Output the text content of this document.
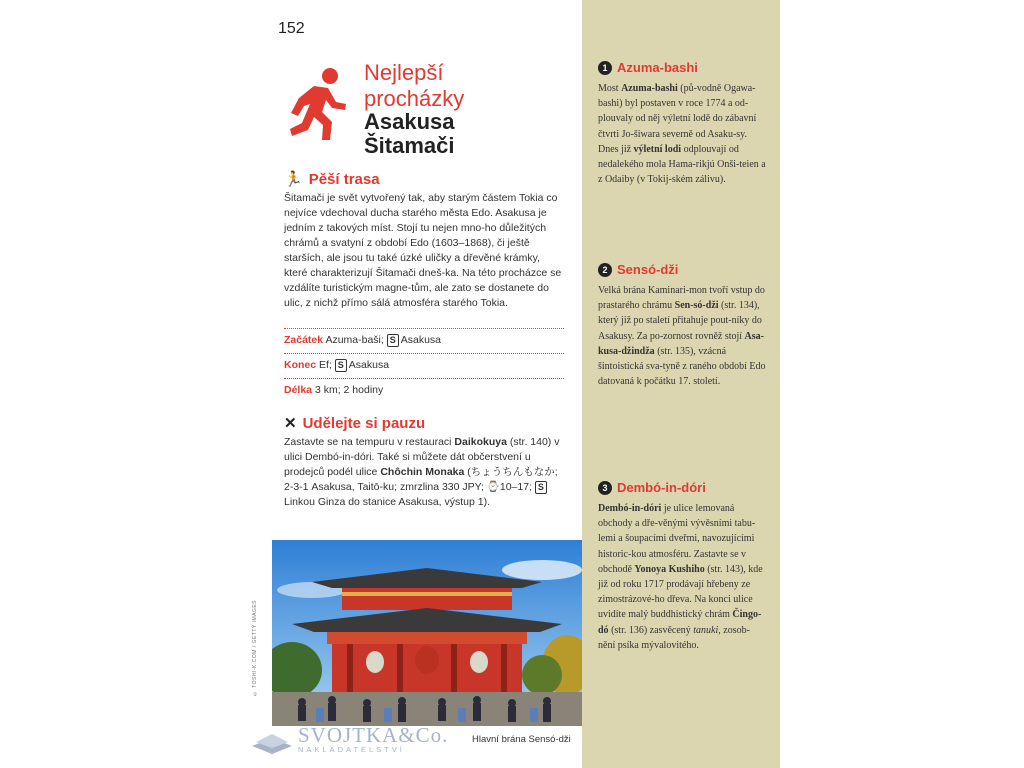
152
Nejlepší
procházky
Asakusa
Šitamači
🏃 Pěší trasa
Šitamači je svět vytvořený tak, aby starým částem Tokia co nejvíce vdechoval ducha starého města Edo. Asakusa je jedním z takových míst. Stojí tu nejen mno-ho důležitých chrámů a svatyní z období Edo (1603–1868), či ještě starších, ale jsou tu také úzké uličky a dřevěné krámky, které charakterizují Šitamači dneš-ka. Na této procházce se vzdálíte turistickým magne-tům, ale zato se dostanete do ulic, z nichž přímo sálá atmosféra starého Tokia.
Začátek Azuma-baši; S Asakusa
Konec Ef; S Asakusa
Délka 3 km; 2 hodiny
✕ Udělejte si pauzu
Zastavte se na tempuru v restauraci Daikokuya (str. 140) v ulici Dembó-in-dóri. Také si můžete dát občerstvení u prodejců podél ulice Chôchin Monaka (ちょうちんもなか; 2-3-1 Asakusa, Taitō-ku; zmrzlina 330 JPY; ⌚10–17; SLinkou Ginza do stanice Asakusa, výstup 1).
© TOSHI-K.COM / GETTY IMAGES
Hlavní brána Sensó-dži
SVOJTKA&Co.
NAKLADATELSTVÍ
1 Azuma-bashi
Most Azuma-bashi (pů-vodně Ogawa-bashi) byl postaven v roce 1774 a od-plouvaly od něj výletní lodě do zábavní čtvrti Jo-šiwara severně od Asaku-sy. Dnes již výletní lodi odplouvají od nedalekého mola Hama-rikjú Onši-teien a z Odaiby (v Tokij-ském zálivu).
2 Sensó-dži
Velká brána Kaminari-mon tvoří vstup do prastarého chrámu Sen-só-dži (str. 134), který již po staletí přitahuje pout-níky do Asakusy. Za po-zornost rovněž stojí Asa-kusa-džindža (str. 135), vzácná šintoistická sva-tyně z raného období Edo datovaná k počátku 17. století.
3 Dembó-in-dóri
Dembó-in-dóri je ulice lemovaná obchody a dře-věnými vývěsními tabu-lemi a šoupacími dveřmi, navozujícími historic-kou atmosféru. Zastavte se v obchodě Yonoya Kushiho (str. 143), kde již od roku 1717 prodávají hřebeny ze zimostrázové-ho dřeva. Na konci ulice uvidíte malý buddhistický chrám Čingo-dó (str. 136) zasvěcený tanuki, zosob-nění psíka mývalovitého.
